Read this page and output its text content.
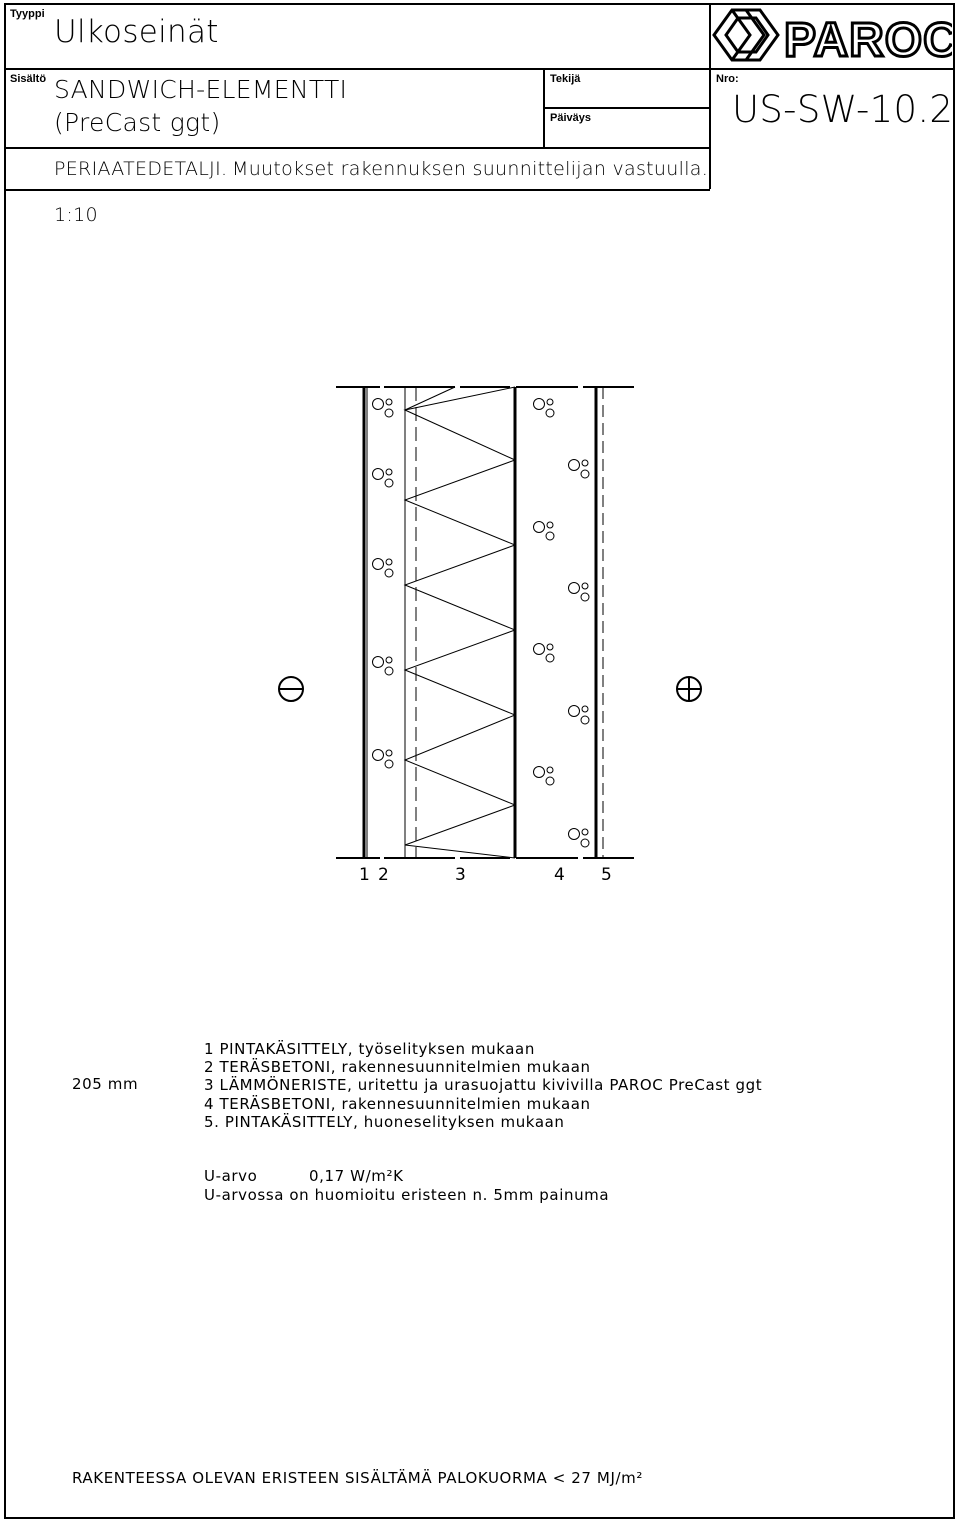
Tyyppi Ulkoseinät
Sisältö SANDWICH-ELEMENTTI
(PreCast ggt)
Tekijä
Päiväys
Nro:
US-SW-10.2
PERIAATEDETALJI. Muutokset rakennuksen suunnittelijan vastuulla.
PAROC
1:10
1 2	3	4 5
205 mm
1 PINTAKÄSITTELY, työselityksen mukaan
2 TERÄSBETONI, rakennesuunnitelmien mukaan
3 LÄMMÖNERISTE, uritettu ja urasuojattu kivivilla PAROC PreCast ggt
4 TERÄSBETONI, rakennesuunnitelmien mukaan
5. PINTAKÄSITTELY, huoneselityksen mukaan
U-arvo	0,17 W/m²K
U-arvossa on huomioitu eristeen n. 5mm painuma
RAKENTEESSA OLEVAN ERISTEEN SISÄLTÄMÄ PALOKUORMA < 27 MJ/m²
